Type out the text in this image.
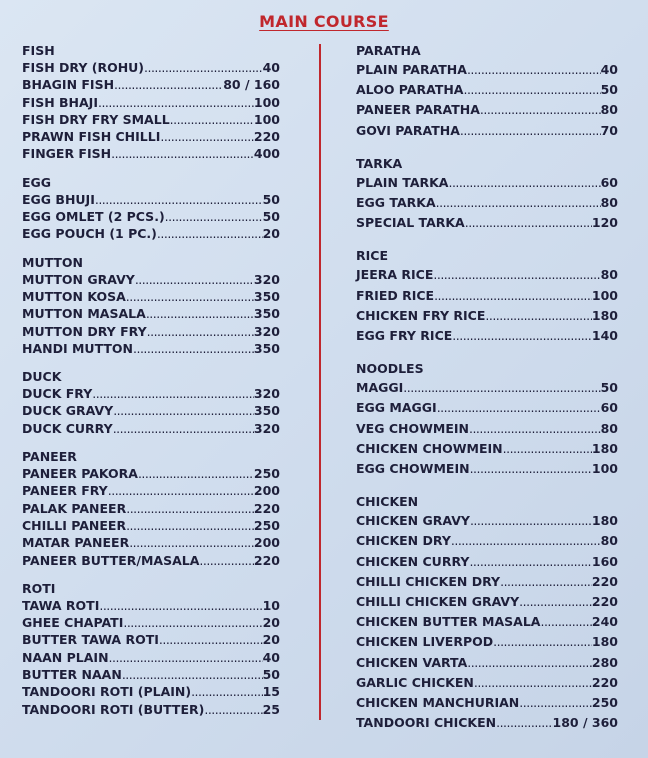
MAIN COURSE
FISH
FISH DRY (ROHU) .....	40
BHAGIN FISH .....	80 / 160
FISH BHAJI .....	100
FISH DRY FRY SMALL .....	100
PRAWN FISH CHILLI .....	220
FINGER FISH .....	400
EGG
EGG BHUJI .....	50
EGG OMLET (2 PCS.) .....	50
EGG POUCH (1 PC.) .....	20
MUTTON
MUTTON GRAVY .....	320
MUTTON KOSA .....	350
MUTTON MASALA .....	350
MUTTON DRY FRY .....	320
HANDI MUTTON .....	350
DUCK
DUCK FRY .....	320
DUCK GRAVY .....	350
DUCK CURRY .....	320
PANEER
PANEER PAKORA .....	250
PANEER FRY .....	200
PALAK PANEER .....	220
CHILLI PANEER .....	250
MATAR PANEER .....	200
PANEER BUTTER/MASALA .....	220
ROTI
TAWA ROTI .....	10
GHEE CHAPATI .....	20
BUTTER TAWA ROTI .....	20
NAAN PLAIN .....	40
BUTTER NAAN .....	50
TANDOORI ROTI (PLAIN) .....	15
TANDOORI ROTI (BUTTER) .....	25
PARATHA
PLAIN PARATHA .....	40
ALOO PARATHA .....	50
PANEER PARATHA .....	80
GOVI PARATHA .....	70
TARKA
PLAIN TARKA .....	60
EGG TARKA .....	80
SPECIAL TARKA .....	120
RICE
JEERA RICE .....	80
FRIED RICE .....	100
CHICKEN FRY RICE .....	180
EGG FRY RICE .....	140
NOODLES
MAGGI .....	50
EGG MAGGI .....	60
VEG CHOWMEIN .....	80
CHICKEN CHOWMEIN .....	180
EGG CHOWMEIN .....	100
CHICKEN
CHICKEN GRAVY .....	180
CHICKEN DRY .....	80
CHICKEN CURRY .....	160
CHILLI CHICKEN DRY .....	220
CHILLI CHICKEN GRAVY .....	220
CHICKEN BUTTER MASALA .....	240
CHICKEN LIVERPOD .....	180
CHICKEN VARTA .....	280
GARLIC CHICKEN .....	220
CHICKEN MANCHURIAN .....	250
TANDOORI CHICKEN .....	180 / 360
